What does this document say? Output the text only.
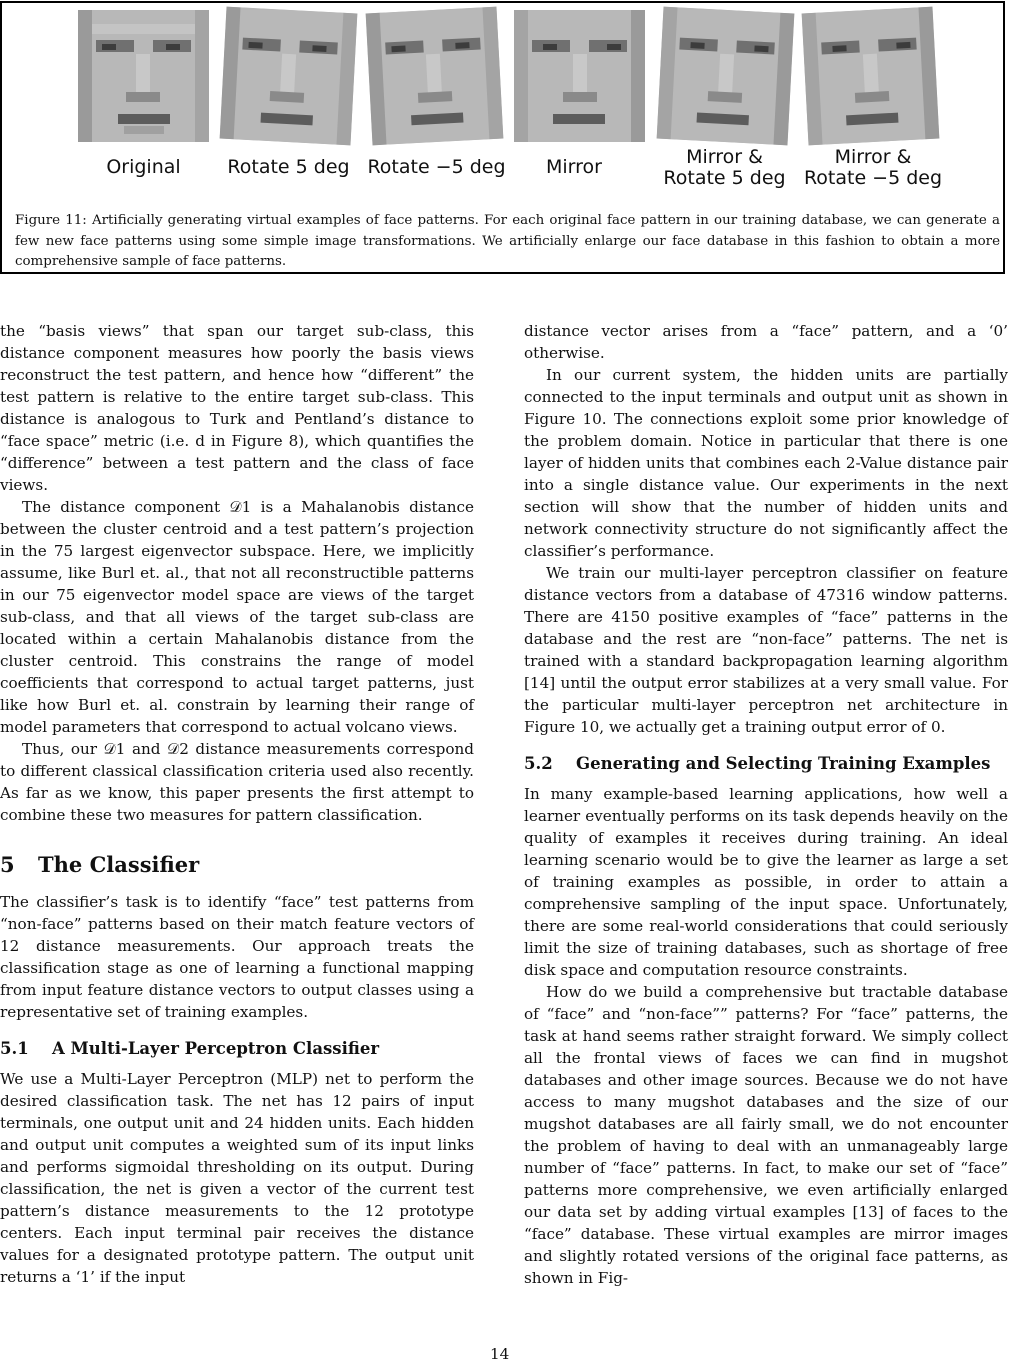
Original	Rotate 5 deg Rotate −5 deg	Mirror	Mirror &
Rotate 5 deg
Mirror &
Rotate −5 deg

Figure 11: Artificially generating virtual examples of face patterns. For each original face pattern in our training database, we can generate a few new face patterns using some simple image transformations. We artificially enlarge our face database in this fashion to obtain a more comprehensive sample of face patterns.

the “basis views” that span our target sub-class, this distance component measures how poorly the basis views reconstruct the test pattern, and hence how “different” the test pattern is relative to the entire target sub-class. This distance is analogous to Turk and Pentland’s distance to “face space” metric (i.e. d in Figure 8), which quantifies the “difference” between a test pattern and the class of face views.

The distance component 𝒟1 is a Mahalanobis distance between the cluster centroid and a test pattern’s projection in the 75 largest eigenvector subspace. Here, we implicitly assume, like Burl et. al., that not all reconstructible patterns in our 75 eigenvector model space are views of the target sub-class, and that all views of the target sub-class are located within a certain Mahalanobis distance from the cluster centroid. This constrains the range of model coefficients that correspond to actual target patterns, just like how Burl et. al. constrain by learning their range of model parameters that correspond to actual volcano views.

Thus, our 𝒟1 and 𝒟2 distance measurements correspond to different classical classification criteria used also recently. As far as we know, this paper presents the first attempt to combine these two measures for pattern classification.

5	The Classifier

The classifier’s task is to identify “face” test patterns from “non-face” patterns based on their match feature vectors of 12 distance measurements. Our approach treats the classification stage as one of learning a functional mapping from input feature distance vectors to output classes using a representative set of training examples.

5.1	A Multi-Layer Perceptron Classifier

We use a Multi-Layer Perceptron (MLP) net to perform the desired classification task. The net has 12 pairs of input terminals, one output unit and 24 hidden units. Each hidden and output unit computes a weighted sum of its input links and performs sigmoidal thresholding on its output. During classification, the net is given a vector of the current test pattern’s distance measurements to the 12 prototype centers. Each input terminal pair receives the distance values for a designated prototype pattern. The output unit returns a ‘1’ if the input

distance vector arises from a “face” pattern, and a ‘0’ otherwise.

In our current system, the hidden units are partially connected to the input terminals and output unit as shown in Figure 10. The connections exploit some prior knowledge of the problem domain. Notice in particular that there is one layer of hidden units that combines each 2-Value distance pair into a single distance value. Our experiments in the next section will show that the number of hidden units and network connectivity structure do not significantly affect the classifier’s performance.

We train our multi-layer perceptron classifier on feature distance vectors from a database of 47316 window patterns. There are 4150 positive examples of “face” patterns in the database and the rest are “non-face” patterns. The net is trained with a standard backpropagation learning algorithm [14] until the output error stabilizes at a very small value. For the particular multi-layer perceptron net architecture in Figure 10, we actually get a training output error of 0.

5.2	Generating and Selecting Training Examples

In many example-based learning applications, how well a learner eventually performs on its task depends heavily on the quality of examples it receives during training. An ideal learning scenario would be to give the learner as large a set of training examples as possible, in order to attain a comprehensive sampling of the input space. Unfortunately, there are some real-world considerations that could seriously limit the size of training databases, such as shortage of free disk space and computation resource constraints.

How do we build a comprehensive but tractable database of “face” and “non-face”” patterns? For “face” patterns, the task at hand seems rather straight forward. We simply collect all the frontal views of faces we can find in mugshot databases and other image sources. Because we do not have access to many mugshot databases and the size of our mugshot databases are all fairly small, we do not encounter the problem of having to deal with an unmanageably large number of “face” patterns. In fact, to make our set of “face” patterns more comprehensive, we even artificially enlarged our data set by adding virtual examples [13] of faces to the “face” database. These virtual examples are mirror images and slightly rotated versions of the original face patterns, as shown in Fig-

14
